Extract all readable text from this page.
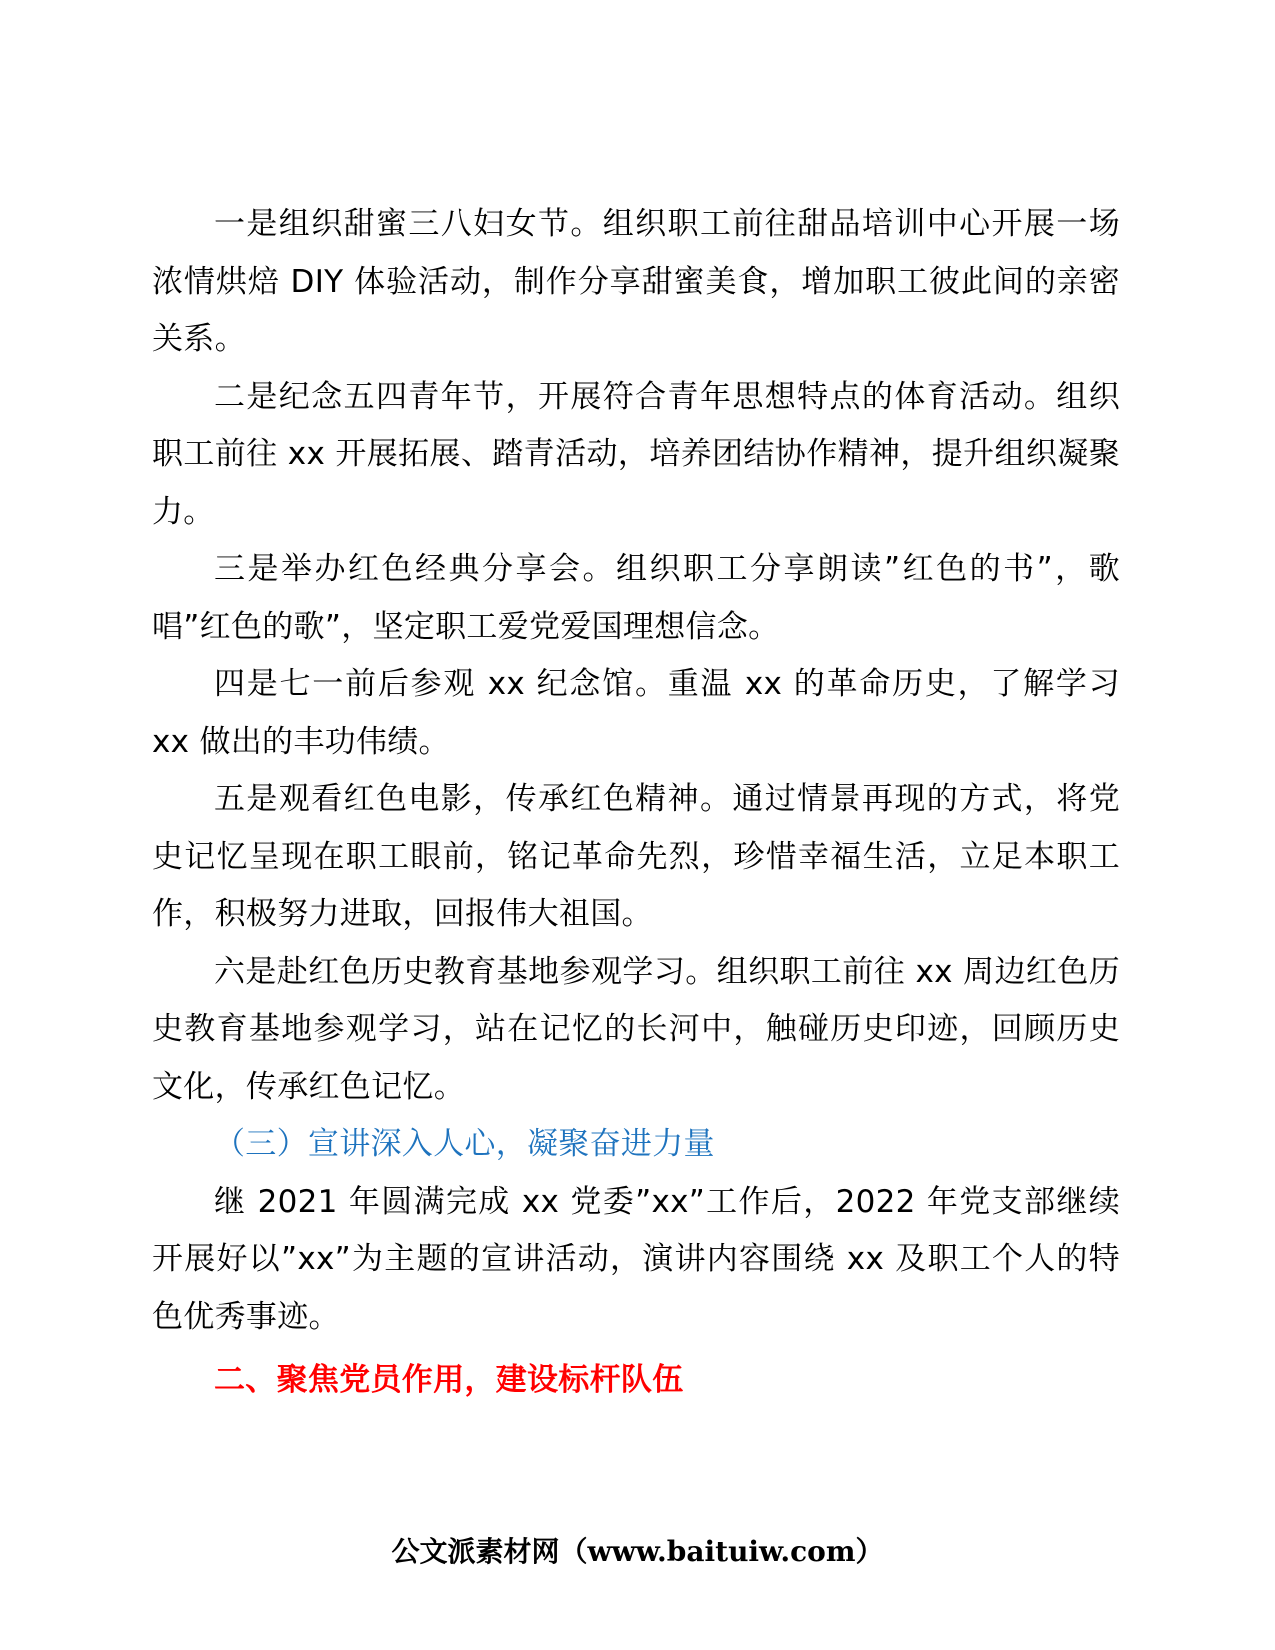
一是组织甜蜜三八妇女节。组织职工前往甜品培训中心开展一场浓情烘焙 DIY 体验活动，制作分享甜蜜美食，增加职工彼此间的亲密关系。

二是纪念五四青年节，开展符合青年思想特点的体育活动。组织职工前往 xx 开展拓展、踏青活动，培养团结协作精神，提升组织凝聚力。

三是举办红色经典分享会。组织职工分享朗读”红色的书”，歌唱”红色的歌”，坚定职工爱党爱国理想信念。

四是七一前后参观 xx 纪念馆。重温 xx 的革命历史，了解学习 xx 做出的丰功伟绩。

五是观看红色电影，传承红色精神。通过情景再现的方式，将党史记忆呈现在职工眼前，铭记革命先烈，珍惜幸福生活，立足本职工作，积极努力进取，回报伟大祖国。

六是赴红色历史教育基地参观学习。组织职工前往 xx 周边红色历史教育基地参观学习，站在记忆的长河中，触碰历史印迹，回顾历史文化，传承红色记忆。

（三）宣讲深入人心，凝聚奋进力量

继 2021 年圆满完成 xx 党委”xx”工作后，2022 年党支部继续开展好以”xx”为主题的宣讲活动，演讲内容围绕 xx 及职工个人的特色优秀事迹。

二、聚焦党员作用，建设标杆队伍

公文派素材网（www.baituiw.com）
